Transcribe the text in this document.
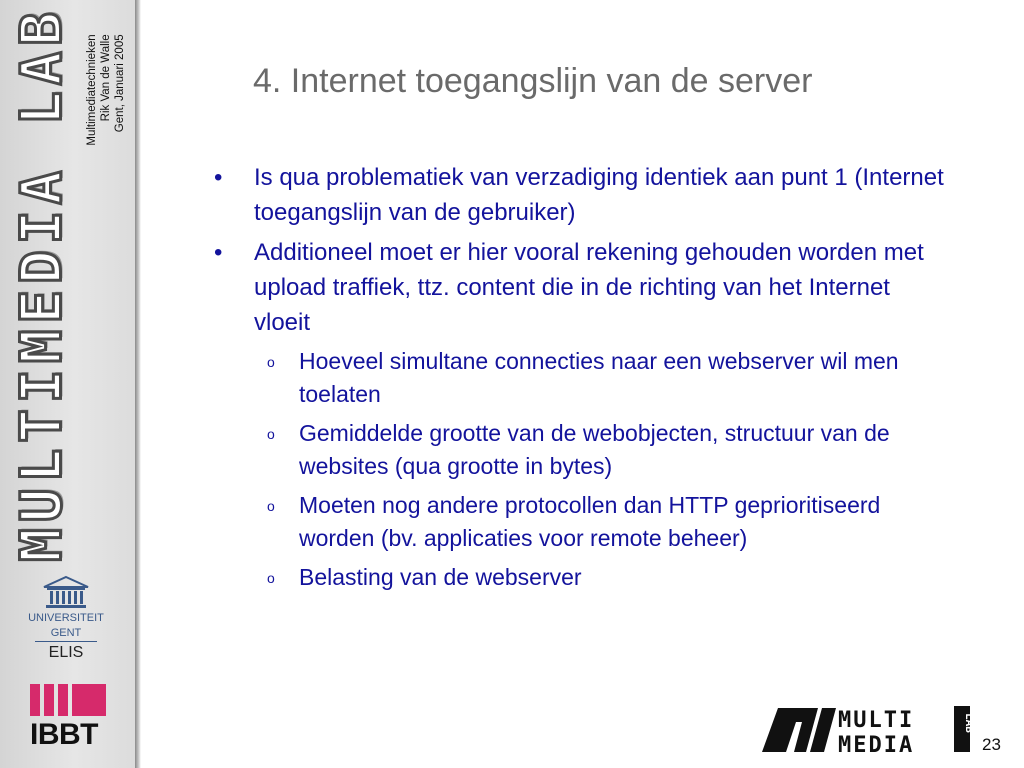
MULTIMEDIA LAB Multimediatechnieken Rik Van de Walle Gent, Januari 2005
UNIVERSITEIT
GENT
ELIS
IBBT
4. Internet toegangslijn van de server
• Is qua problematiek van verzadiging identiek aan punt 1 (Internet toegangslijn van de gebruiker)
• Additioneel moet er hier vooral rekening gehouden worden met upload traffiek, ttz. content die in de richting van het Internet vloeit
o Hoeveel simultane connecties naar een webserver wil men toelaten
o Gemiddelde grootte van de webobjecten, structuur van de websites (qua grootte in bytes)
o Moeten nog andere protocollen dan HTTP geprioritiseerd worden (bv. applicaties voor remote beheer)
o Belasting van de webserver
MULTI
MEDIA
LAB
23
